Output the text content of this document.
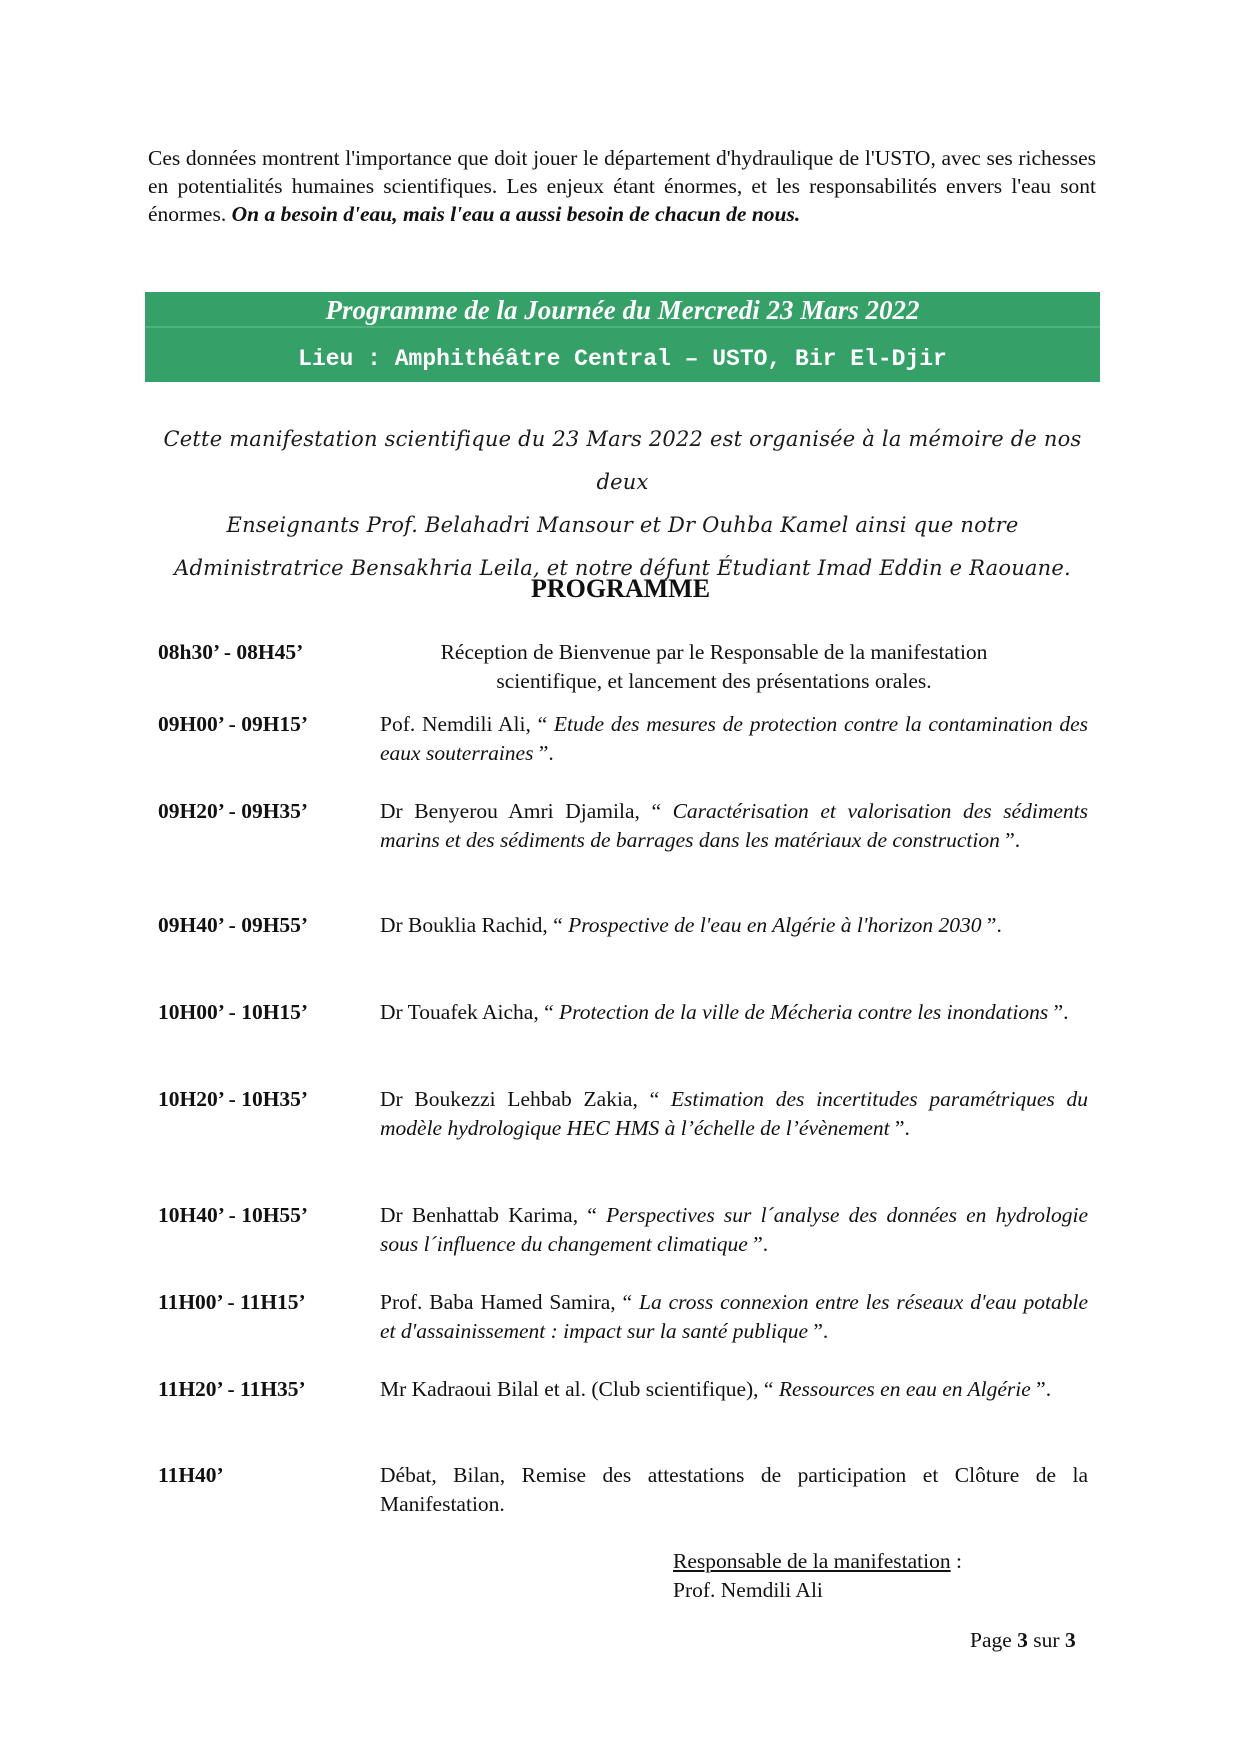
Ces données montrent l'importance que doit jouer le département d'hydraulique de l'USTO, avec ses richesses en potentialités humaines scientifiques. Les enjeux étant énormes, et les responsabilités envers l'eau sont énormes. On a besoin d'eau, mais l'eau a aussi besoin de chacun de nous.
Programme de la Journée du Mercredi 23 Mars 2022
Lieu : Amphithéâtre Central – USTO, Bir El-Djir
Cette manifestation scientifique du 23 Mars 2022 est organisée à la mémoire de nos deux
Enseignants Prof. Belahadri Mansour et Dr Ouhba Kamel ainsi que notre
Administratrice Bensakhria Leila, et notre défunt Étudiant Imad Eddin e Raouane.
PROGRAMME
08h30’ - 08H45’	Réception de Bienvenue par le Responsable de la manifestation scientifique, et lancement des présentations orales.
09H00’ - 09H15’	Pof. Nemdili Ali, “ Etude des mesures de protection contre la contamination des eaux souterraines ”.
09H20’ - 09H35’	Dr Benyerou Amri Djamila, “ Caractérisation et valorisation des sédiments marins et des sédiments de barrages dans les matériaux de construction ”.
09H40’ - 09H55’	Dr Bouklia Rachid, “ Prospective de l'eau en Algérie à l'horizon 2030 ”.
10H00’ - 10H15’	Dr Touafek Aicha, “ Protection de la ville de Mécheria contre les inondations ”.
10H20’ - 10H35’	Dr Boukezzi Lehbab Zakia, “ Estimation des incertitudes paramétriques du modèle hydrologique HEC HMS à l’échelle de l’évènement ”.
10H40’ - 10H55’	Dr Benhattab Karima, “ Perspectives sur l´analyse des données en hydrologie sous l´influence du changement climatique ”.
11H00’ - 11H15’	Prof. Baba Hamed Samira, “ La cross connexion entre les réseaux d'eau potable et d'assainissement : impact sur la santé publique ”.
11H20’ - 11H35’	Mr Kadraoui Bilal et al. (Club scientifique), “ Ressources en eau en Algérie ”.
11H40’	Débat, Bilan, Remise des attestations de participation et Clôture de la Manifestation.
Responsable de la manifestation :
Prof. Nemdili Ali
Page 3 sur 3
